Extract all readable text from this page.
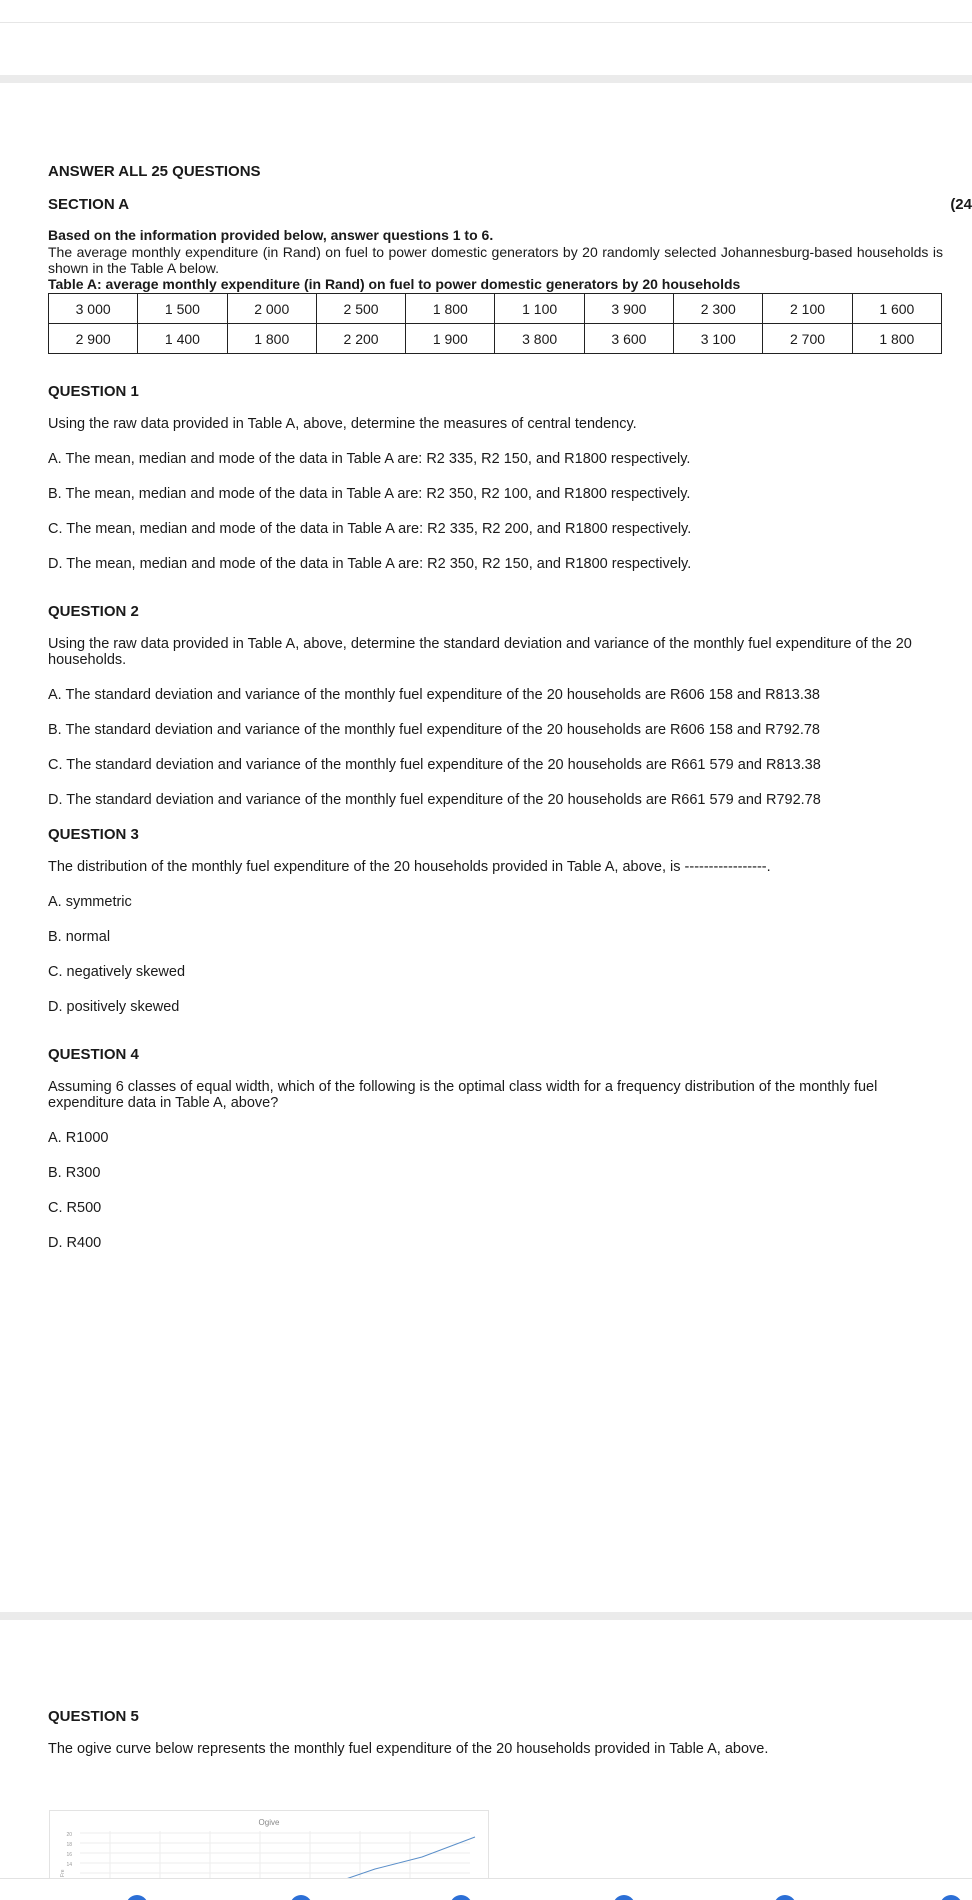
ANSWER ALL 25 QUESTIONS

SECTION A	(24
Based on the information provided below, answer questions 1 to 6.
The average monthly expenditure (in Rand) on fuel to power domestic generators by 20 randomly selected Johannesburg-based households is shown in the Table A below.
Table A: average monthly expenditure (in Rand) on fuel to power domestic generators by 20 households
3 000	1 500	2 000	2 500	1 800	1 100	3 900	2 300	2 100	1 600
2 900	1 400	1 800	2 200	1 900	3 800	3 600	3 100	2 700	1 800

QUESTION 1

Using the raw data provided in Table A, above, determine the measures of central tendency.

A. The mean, median and mode of the data in Table A are: R2 335, R2 150, and R1800 respectively.

B. The mean, median and mode of the data in Table A are: R2 350, R2 100, and R1800 respectively.

C. The mean, median and mode of the data in Table A are: R2 335, R2 200, and R1800 respectively.

D. The mean, median and mode of the data in Table A are: R2 350, R2 150, and R1800 respectively.

QUESTION 2

Using the raw data provided in Table A, above, determine the standard deviation and variance of the monthly fuel expenditure of the 20 households.

A. The standard deviation and variance of the monthly fuel expenditure of the 20 households are R606 158 and R813.38

B. The standard deviation and variance of the monthly fuel expenditure of the 20 households are R606 158 and R792.78

C. The standard deviation and variance of the monthly fuel expenditure of the 20 households are R661 579 and R813.38

D. The standard deviation and variance of the monthly fuel expenditure of the 20 households are R661 579 and R792.78

QUESTION 3

The distribution of the monthly fuel expenditure of the 20 households provided in Table A, above, is -----------------.

A. symmetric

B. normal

C. negatively skewed

D. positively skewed

QUESTION 4

Assuming 6 classes of equal width, which of the following is the optimal class width for a frequency distribution of the monthly fuel expenditure data in Table A, above?

A. R1000

B. R300

C. R500

D. R400

QUESTION 5

The ogive curve below represents the monthly fuel expenditure of the 20 households provided in Table A, above.

Ogive
20
18
16
14
Fre
